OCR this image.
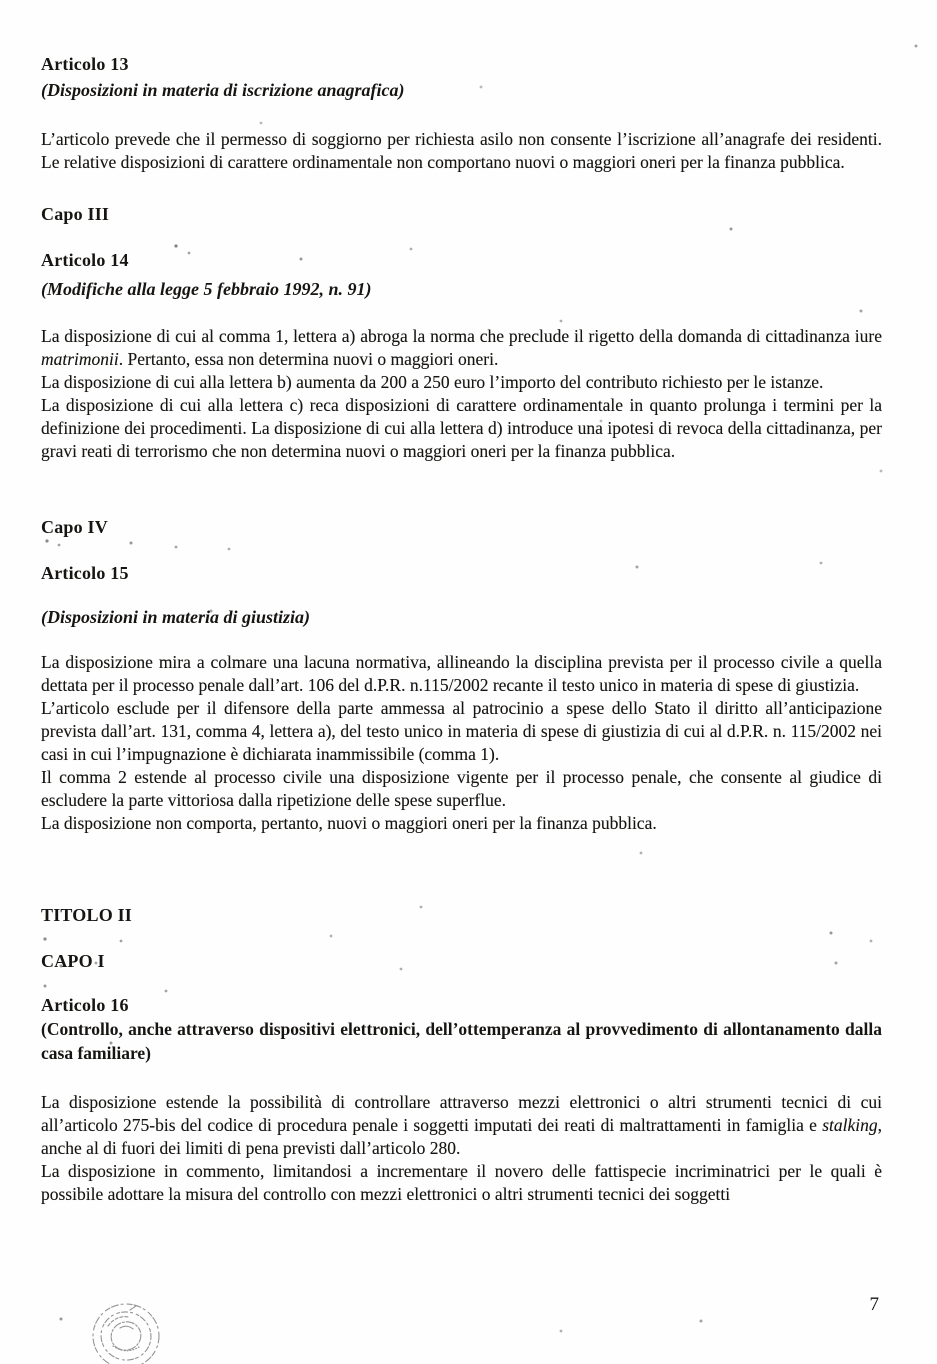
Articolo 13

(Disposizioni in materia di iscrizione anagrafica)

L’articolo prevede che il permesso di soggiorno per richiesta asilo non consente l’iscrizione all’anagrafe dei residenti. Le relative disposizioni di carattere ordinamentale non comportano nuovi o maggiori oneri per la finanza pubblica.

Capo III
Articolo 14

(Modifiche alla legge 5 febbraio 1992, n. 91)

La disposizione di cui al comma 1, lettera a) abroga la norma che preclude il rigetto della domanda di cittadinanza iure matrimonii. Pertanto, essa non determina nuovi o maggiori oneri.

La disposizione di cui alla lettera b) aumenta da 200 a 250 euro l’importo del contributo richiesto per le istanze.

La disposizione di cui alla lettera c) reca disposizioni di carattere ordinamentale in quanto prolunga i termini per la definizione dei procedimenti. La disposizione di cui alla lettera d) introduce una ipotesi di revoca della cittadinanza, per gravi reati di terrorismo che non determina nuovi o maggiori oneri per la finanza pubblica.

Capo IV
Articolo 15

(Disposizioni in materia di giustizia)

La disposizione mira a colmare una lacuna normativa, allineando la disciplina prevista per il processo civile a quella dettata per il processo penale dall’art. 106 del d.P.R. n.115/2002 recante il testo unico in materia di spese di giustizia.

L’articolo esclude per il difensore della parte ammessa al patrocinio a spese dello Stato il diritto all’anticipazione prevista dall’art. 131, comma 4, lettera a), del testo unico in materia di spese di giustizia di cui al d.P.R. n. 115/2002 nei casi in cui l’impugnazione è dichiarata inammissibile (comma 1).

Il comma 2 estende al processo civile una disposizione vigente per il processo penale, che consente al giudice di escludere la parte vittoriosa dalla ripetizione delle spese superflue.

La disposizione non comporta, pertanto, nuovi o maggiori oneri per la finanza pubblica.

TITOLO II
CAPO I
Articolo 16

(Controllo, anche attraverso dispositivi elettronici, dell’ottemperanza al provvedimento di allontanamento dalla casa familiare)

La disposizione estende la possibilità di controllare attraverso mezzi elettronici o altri strumenti tecnici di cui all’articolo 275-bis del codice di procedura penale i soggetti imputati dei reati di maltrattamenti in famiglia e stalking, anche al di fuori dei limiti di pena previsti dall’articolo 280.

La disposizione in commento, limitandosi a incrementare il novero delle fattispecie incriminatrici per le quali è possibile adottare la misura del controllo con mezzi elettronici o altri strumenti tecnici dei soggetti

7
